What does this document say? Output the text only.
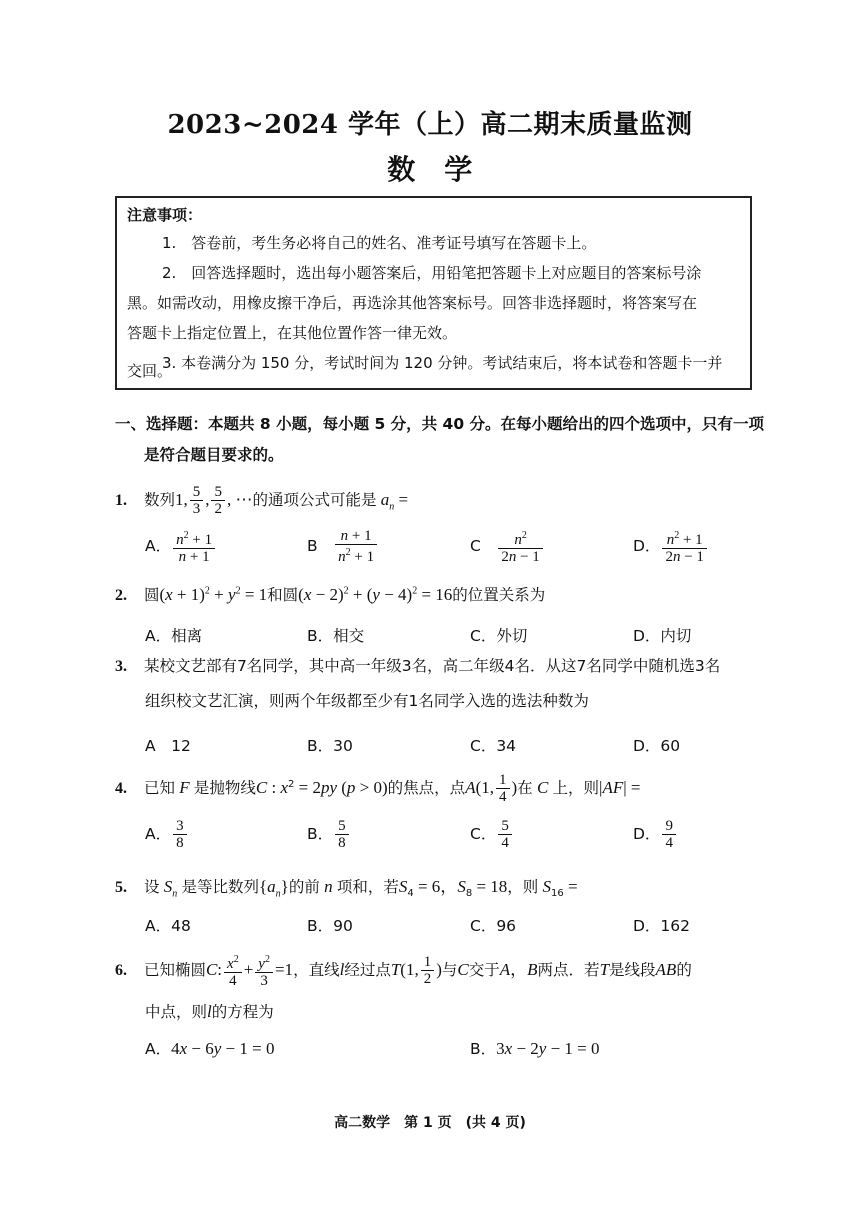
2023~2024 学年（上）高二期末质量监测
数　学
注意事项：
1.　答卷前，考生务必将自己的姓名、准考证号填写在答题卡上。
2.　回答选择题时，选出每小题答案后，用铅笔把答题卡上对应题目的答案标号涂
黑。如需改动，用橡皮擦干净后，再选涂其他答案标号。回答非选择题时，将答案写在
答题卡上指定位置上，在其他位置作答一律无效。
3. 本卷满分为 150 分，考试时间为 120 分钟。考试结束后，将本试卷和答题卡一并
交回。
一、选择题：本题共 8 小题，每小题 5 分，共 40 分。在每小题给出的四个选项中，只有一项
是符合题目要求的。
1. 数列1, $\frac{5}{3}$ , $\frac{5}{2}$ , ⋯的通项公式可能是 $a_n$ =
A． $\frac{n^2 + 1}{n + 1}$	B　 $\frac{n + 1}{n^2 + 1}$	C　 $\frac{n^2}{2n - 1}$	D． $\frac{n^2 + 1}{2n - 1}$
2. 圆$(x + 1)^2 + y^2 = 1$和圆$(x - 2)^2 + (y - 4)^2 = 16$的位置关系为
A．相离	B．相交	C．外切	D．内切
3. 某校文艺部有7名同学，其中高一年级3名，高二年级4名．从这7名同学中随机选3名
组织校文艺汇演，则两个年级都至少有1名同学入选的选法种数为
A　12	B．30	C．34	D．60
4. 已知 F 是抛物线C : $x^2 = 2py$ (p > 0)的焦点，点A(1, $\frac{1}{4}$ )在 C 上，则|AF| =
A． $\frac{3}{8}$	B． $\frac{5}{8}$	C． $\frac{5}{4}$	D． $\frac{9}{4}$
5. 设 $S_n$ 是等比数列$\{a_n\}$的前 n 项和，若$S_4 = 6$，$S_8 = 18$，则 $S_{16}$ =
A．48	B．90	C．96	D．162
6. 已知椭圆C: $\frac{x^2}{4} + \frac{y^2}{3} =1$，直线l经过点T(1, $\frac{1}{2}$ )与C交于A，B两点．若T是线段AB的
中点，则l的方程为
A．4x − 6y − 1 = 0	B．3x − 2y − 1 = 0
高二数学　第 1 页　(共 4 页)
